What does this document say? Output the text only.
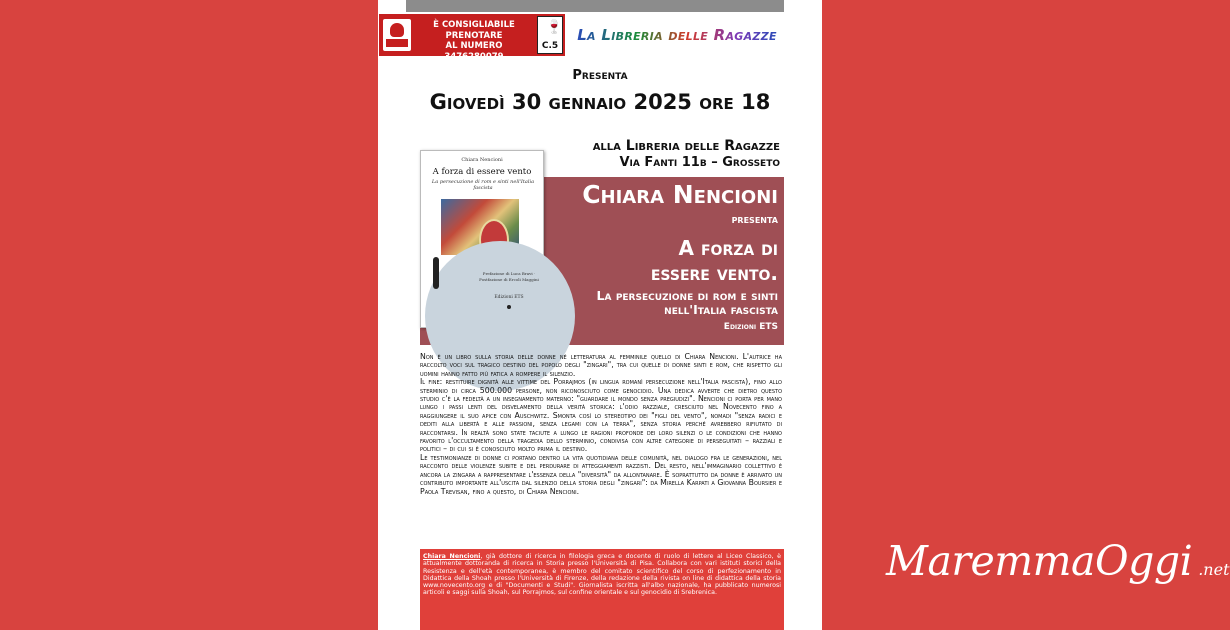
È CONSIGLIABILE PRENOTARE
AL NUMERO 3476280079
🍷
C.5
La Libreria delle Ragazze
Presenta
Giovedì 30 gennaio 2025 ore 18
alla Libreria delle Ragazze
Via Fanti 11b – Grosseto
Chiara Nencioni
A forza di essere vento
La persecuzione di rom e sinti nell'Italia fascista
Prefazione di Luca Bravi · Postfazione di Ercoli Maggini
Edizioni ETS
Chiara Nencioni
presenta
A forza di
essere vento.
La persecuzione di rom e sinti
nell'Italia fascista
Edizioni ETS

Non è un libro sulla storia delle donne né letteratura al femminile quello di Chiara Nencioni. L'autrice ha raccolto voci sul tragico destino del popolo degli "zingari", tra cui quelle di donne sinti e rom, che rispetto gli uomini hanno fatto più fatica a rompere il silenzio.

Il fine: restituire dignità alle vittime del Porrajmos (in lingua romanì persecuzione nell'Italia fascista), fino allo sterminio di circa 500.000 persone, non riconosciuto come genocidio. Una dedica avverte che dietro questo studio c'è la fedeltà a un insegnamento materno: "guardare il mondo senza pregiudizi". Nencioni ci porta per mano lungo i passi lenti del disvelamento della verità storica: l'odio razziale, cresciuto nel Novecento fino a raggiungere il suo apice con Auschwitz. Smonta così lo stereotipo dei "figli del vento", nomadi "senza radici e dediti alla libertà e alle passioni, senza legami con la terra", senza storia perché avrebbero rifiutato di raccontarsi. In realtà sono state taciute a lungo le ragioni profonde dei loro silenzi o le condizioni che hanno favorito l'occultamento della tragedia dello sterminio, condivisa con altre categorie di perseguitati – razziali e politici – di cui si è conosciuto molto prima il destino.

Le testimonianze di donne ci portano dentro la vita quotidiana delle comunità, nel dialogo fra le generazioni, nel racconto delle violenze subite e del perdurare di atteggiamenti razzisti. Del resto, nell'immaginario collettivo è ancora la zingara a rappresentare l'essenza della "diversità" da allontanare. È soprattutto da donne è arrivato un contributo importante all'uscita dal silenzio della storia degli "zingari": da Mirella Karpati a Giovanna Boursier e Paola Trevisan, fino a questo, di Chiara Nencioni.

Chiara Nencioni, già dottore di ricerca in filologia greca e docente di ruolo di lettere al Liceo Classico, è attualmente dottoranda di ricerca in Storia presso l'Università di Pisa. Collabora con vari istituti storici della Resistenza e dell'età contemporanea, è membro del comitato scientifico del corso di perfezionamento in Didattica della Shoah presso l'Università di Firenze, della redazione della rivista on line di didattica della storia www.novecento.org e di "Documenti e Studi". Giornalista iscritta all'albo nazionale, ha pubblicato numerosi articoli e saggi sulla Shoah, sul Porrajmos, sul confine orientale e sul genocidio di Srebrenica.
MaremmaOggi .net
